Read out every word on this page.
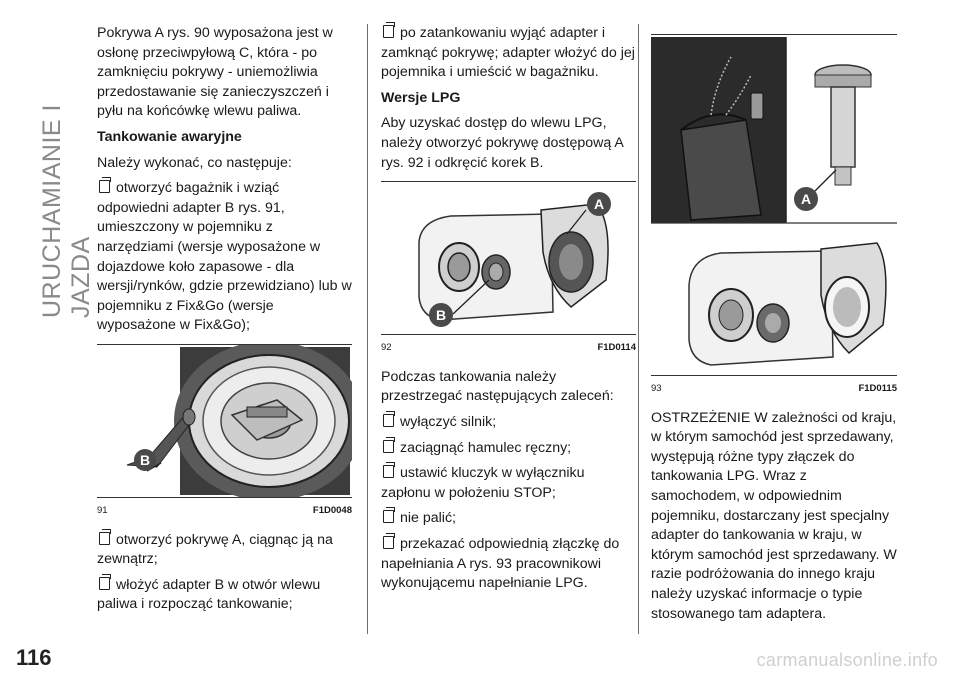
URUCHAMIANIE I JAZDA
116

Pokrywa A rys. 90 wyposażona jest w osłonę przeciwpyłową C, która - po zamknięciu pokrywy - uniemożliwia przedostawanie się zanieczyszczeń i pyłu na końcówkę wlewu paliwa.

Tankowanie awaryjne

Należy wykonać, co następuje:

otworzyć bagażnik i wziąć odpowiedni adapter B rys. 91, umieszczony w pojemniku z narzędziami (wersje wyposażone w dojazdowe koło zapasowe - dla wersji/rynków, gdzie przewidziano) lub w pojemniku z Fix&Go (wersje wyposażone w Fix&Go);

B
91	F1D0048

otworzyć pokrywę A, ciągnąc ją na zewnątrz;

włożyć adapter B w otwór wlewu paliwa i rozpocząć tankowanie;

po zatankowaniu wyjąć adapter i zamknąć pokrywę; adapter włożyć do jej pojemnika i umieścić w bagażniku.

Wersje LPG

Aby uzyskać dostęp do wlewu LPG, należy otworzyć pokrywę dostępową A rys. 92 i odkręcić korek B.

A
B
92	F1D0114

Podczas tankowania należy przestrzegać następujących zaleceń:

wyłączyć silnik;

zaciągnąć hamulec ręczny;

ustawić kluczyk w wyłączniku zapłonu w położeniu STOP;

nie palić;

przekazać odpowiednią złączkę do napełniania A rys. 93 pracownikowi wykonującemu napełnianie LPG.

A
93	F1D0115

OSTRZEŻENIE W zależności od kraju, w którym samochód jest sprzedawany, występują różne typy złączek do tankowania LPG. Wraz z samochodem, w odpowiednim pojemniku, dostarczany jest specjalny adapter do tankowania w kraju, w którym samochód jest sprzedawany. W razie podróżowania do innego kraju należy uzyskać informacje o typie stosowanego tam adaptera.

carmanualsonline.info
